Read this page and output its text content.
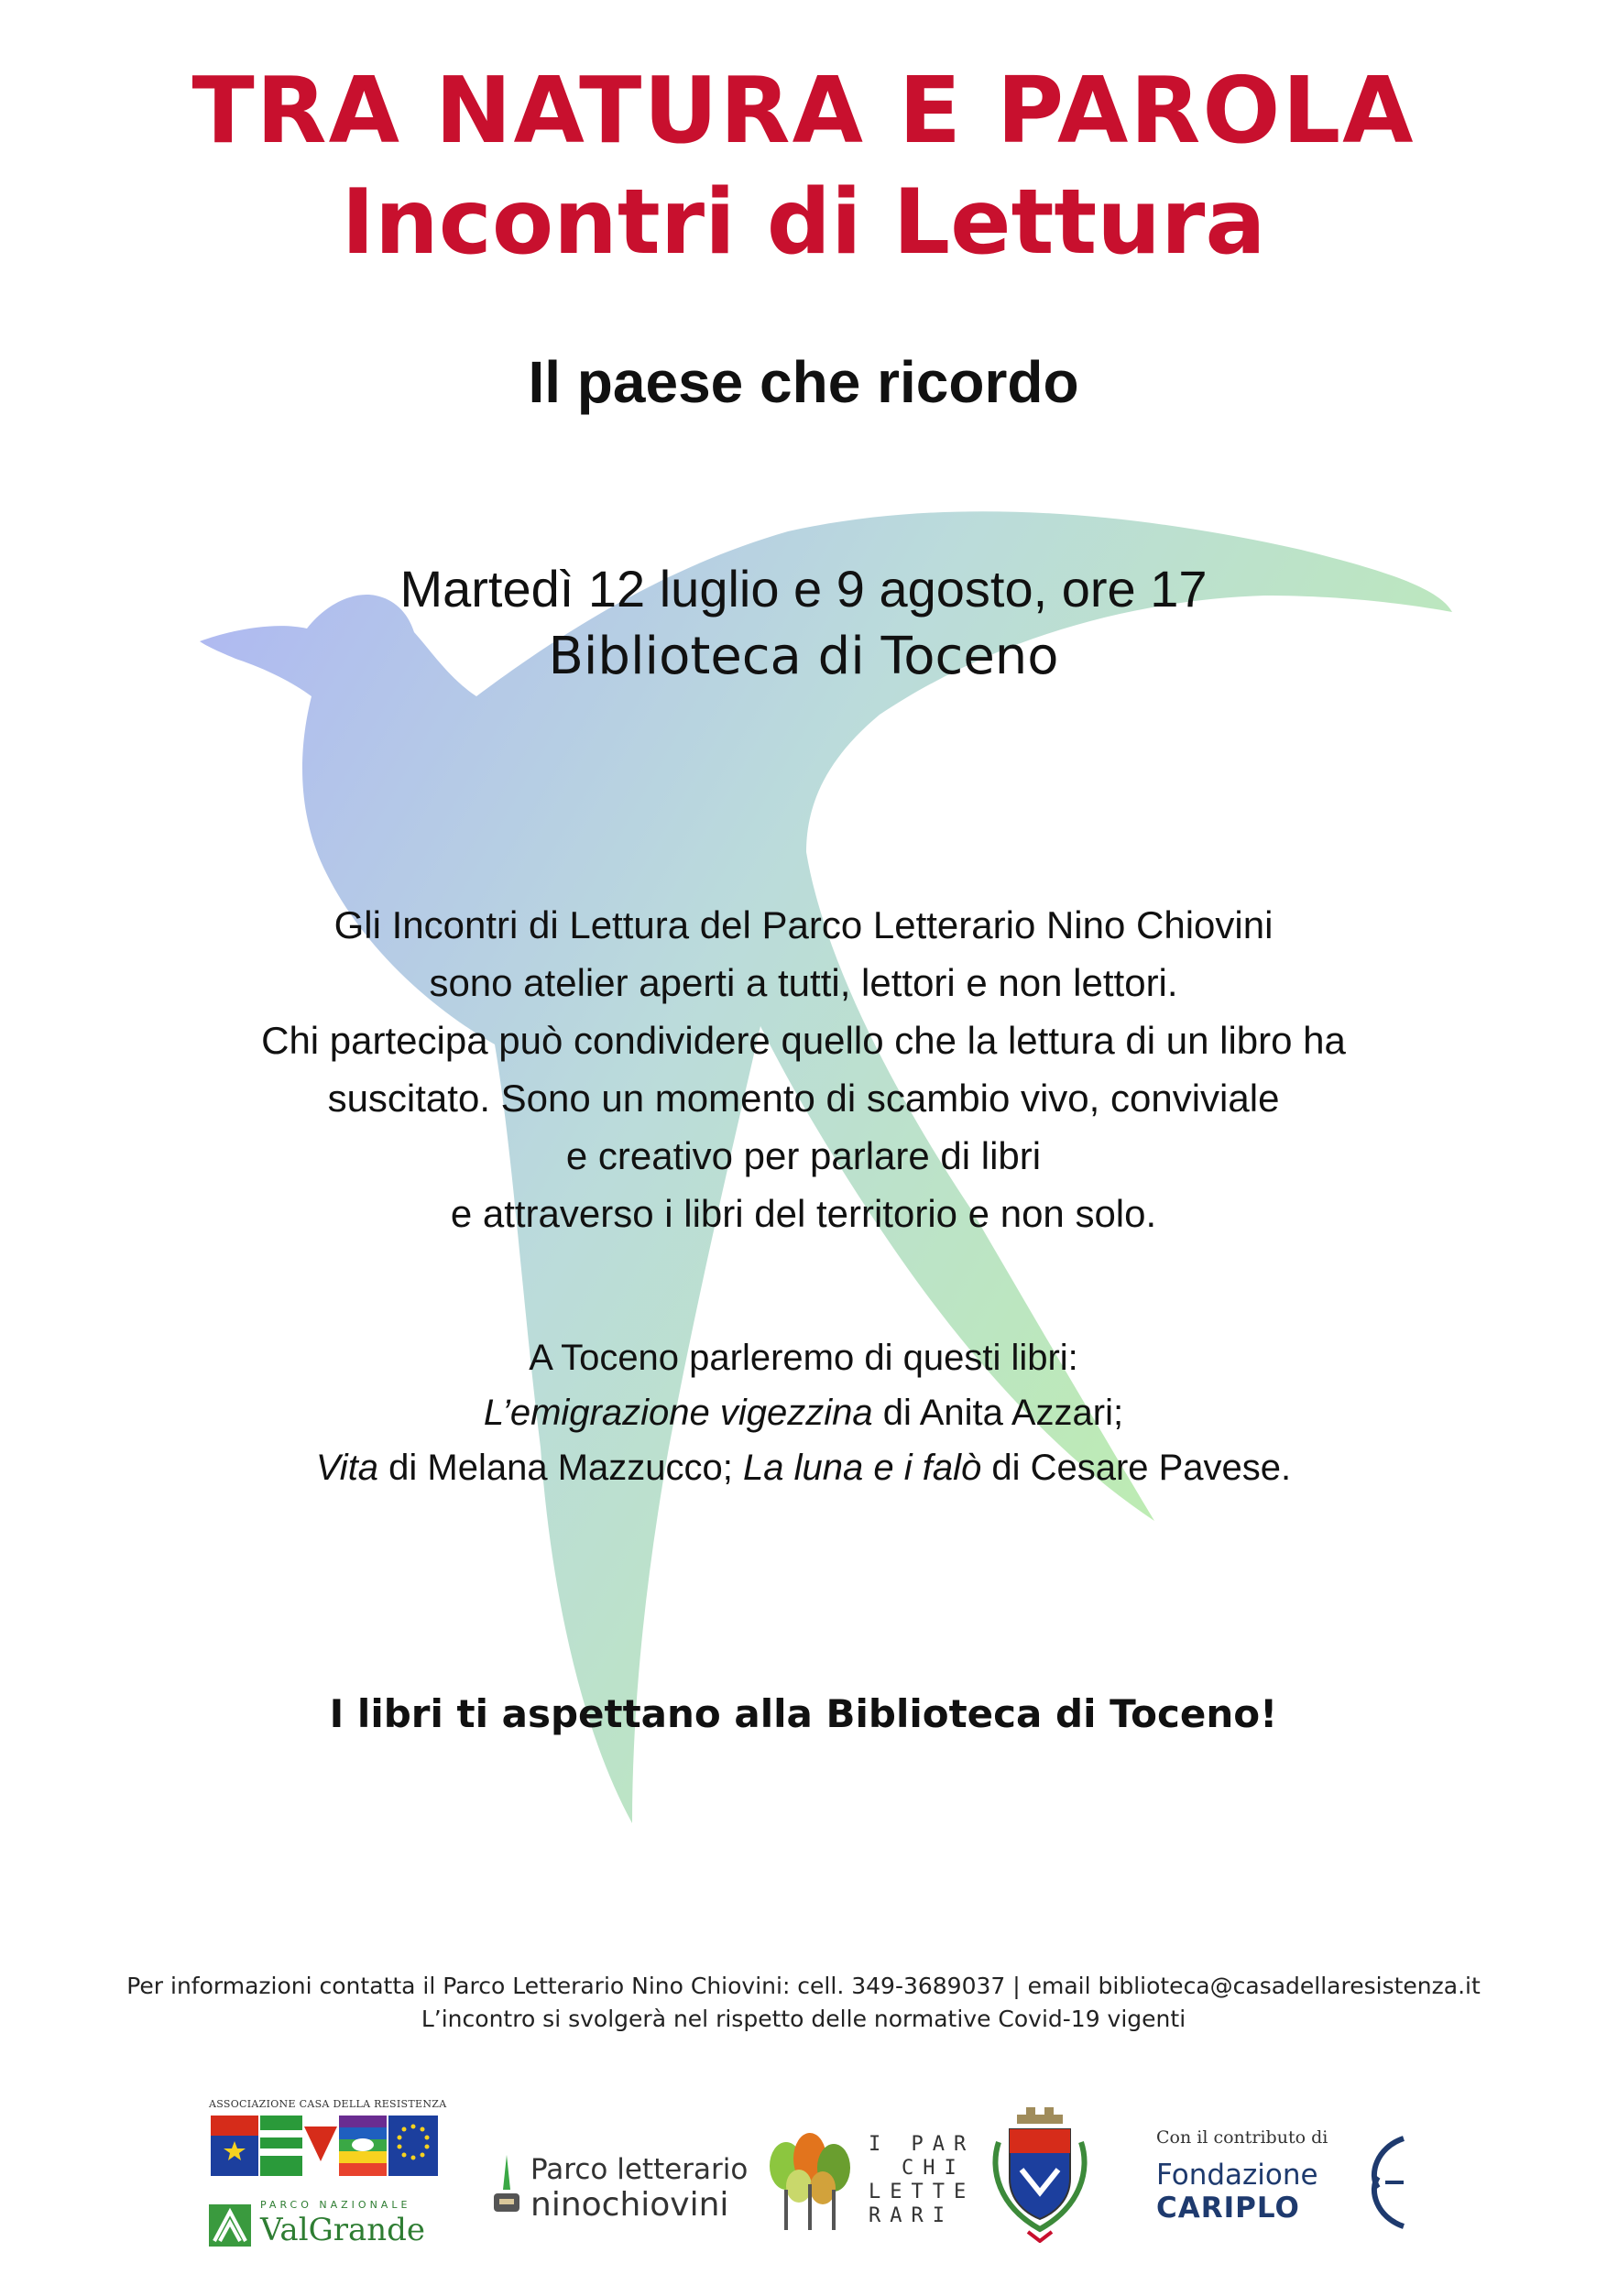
TRA NATURA E PAROLA
Incontri di Lettura
Il paese che ricordo
Martedì 12 luglio e 9 agosto, ore 17
Biblioteca di Toceno
Gli Incontri di Lettura del Parco Letterario Nino Chiovini
sono atelier aperti a tutti, lettori e non lettori.
Chi partecipa può condividere quello che la lettura di un libro ha
suscitato. Sono un momento di scambio vivo, conviviale
e creativo per parlare di libri
e attraverso i libri del territorio e non solo.
A Toceno parleremo di questi libri:
L’emigrazione vigezzina di Anita Azzari;
Vita di Melana Mazzucco; La luna e i falò di Cesare Pavese.
I libri ti aspettano alla Biblioteca di Toceno!
Per informazioni contatta il Parco Letterario Nino Chiovini: cell. 349-3689037 | email biblioteca@casadellaresistenza.it
L’incontro si svolgerà nel rispetto delle normative Covid-19 vigenti
ASSOCIAZIONE CASA DELLA RESISTENZA
PARCO NAZIONALE
ValGrande
Parco letterario
ninochiovini
I PAR
CHI
LETTE
RARI
Con il contributo di
Fondazione
CARIPLO
